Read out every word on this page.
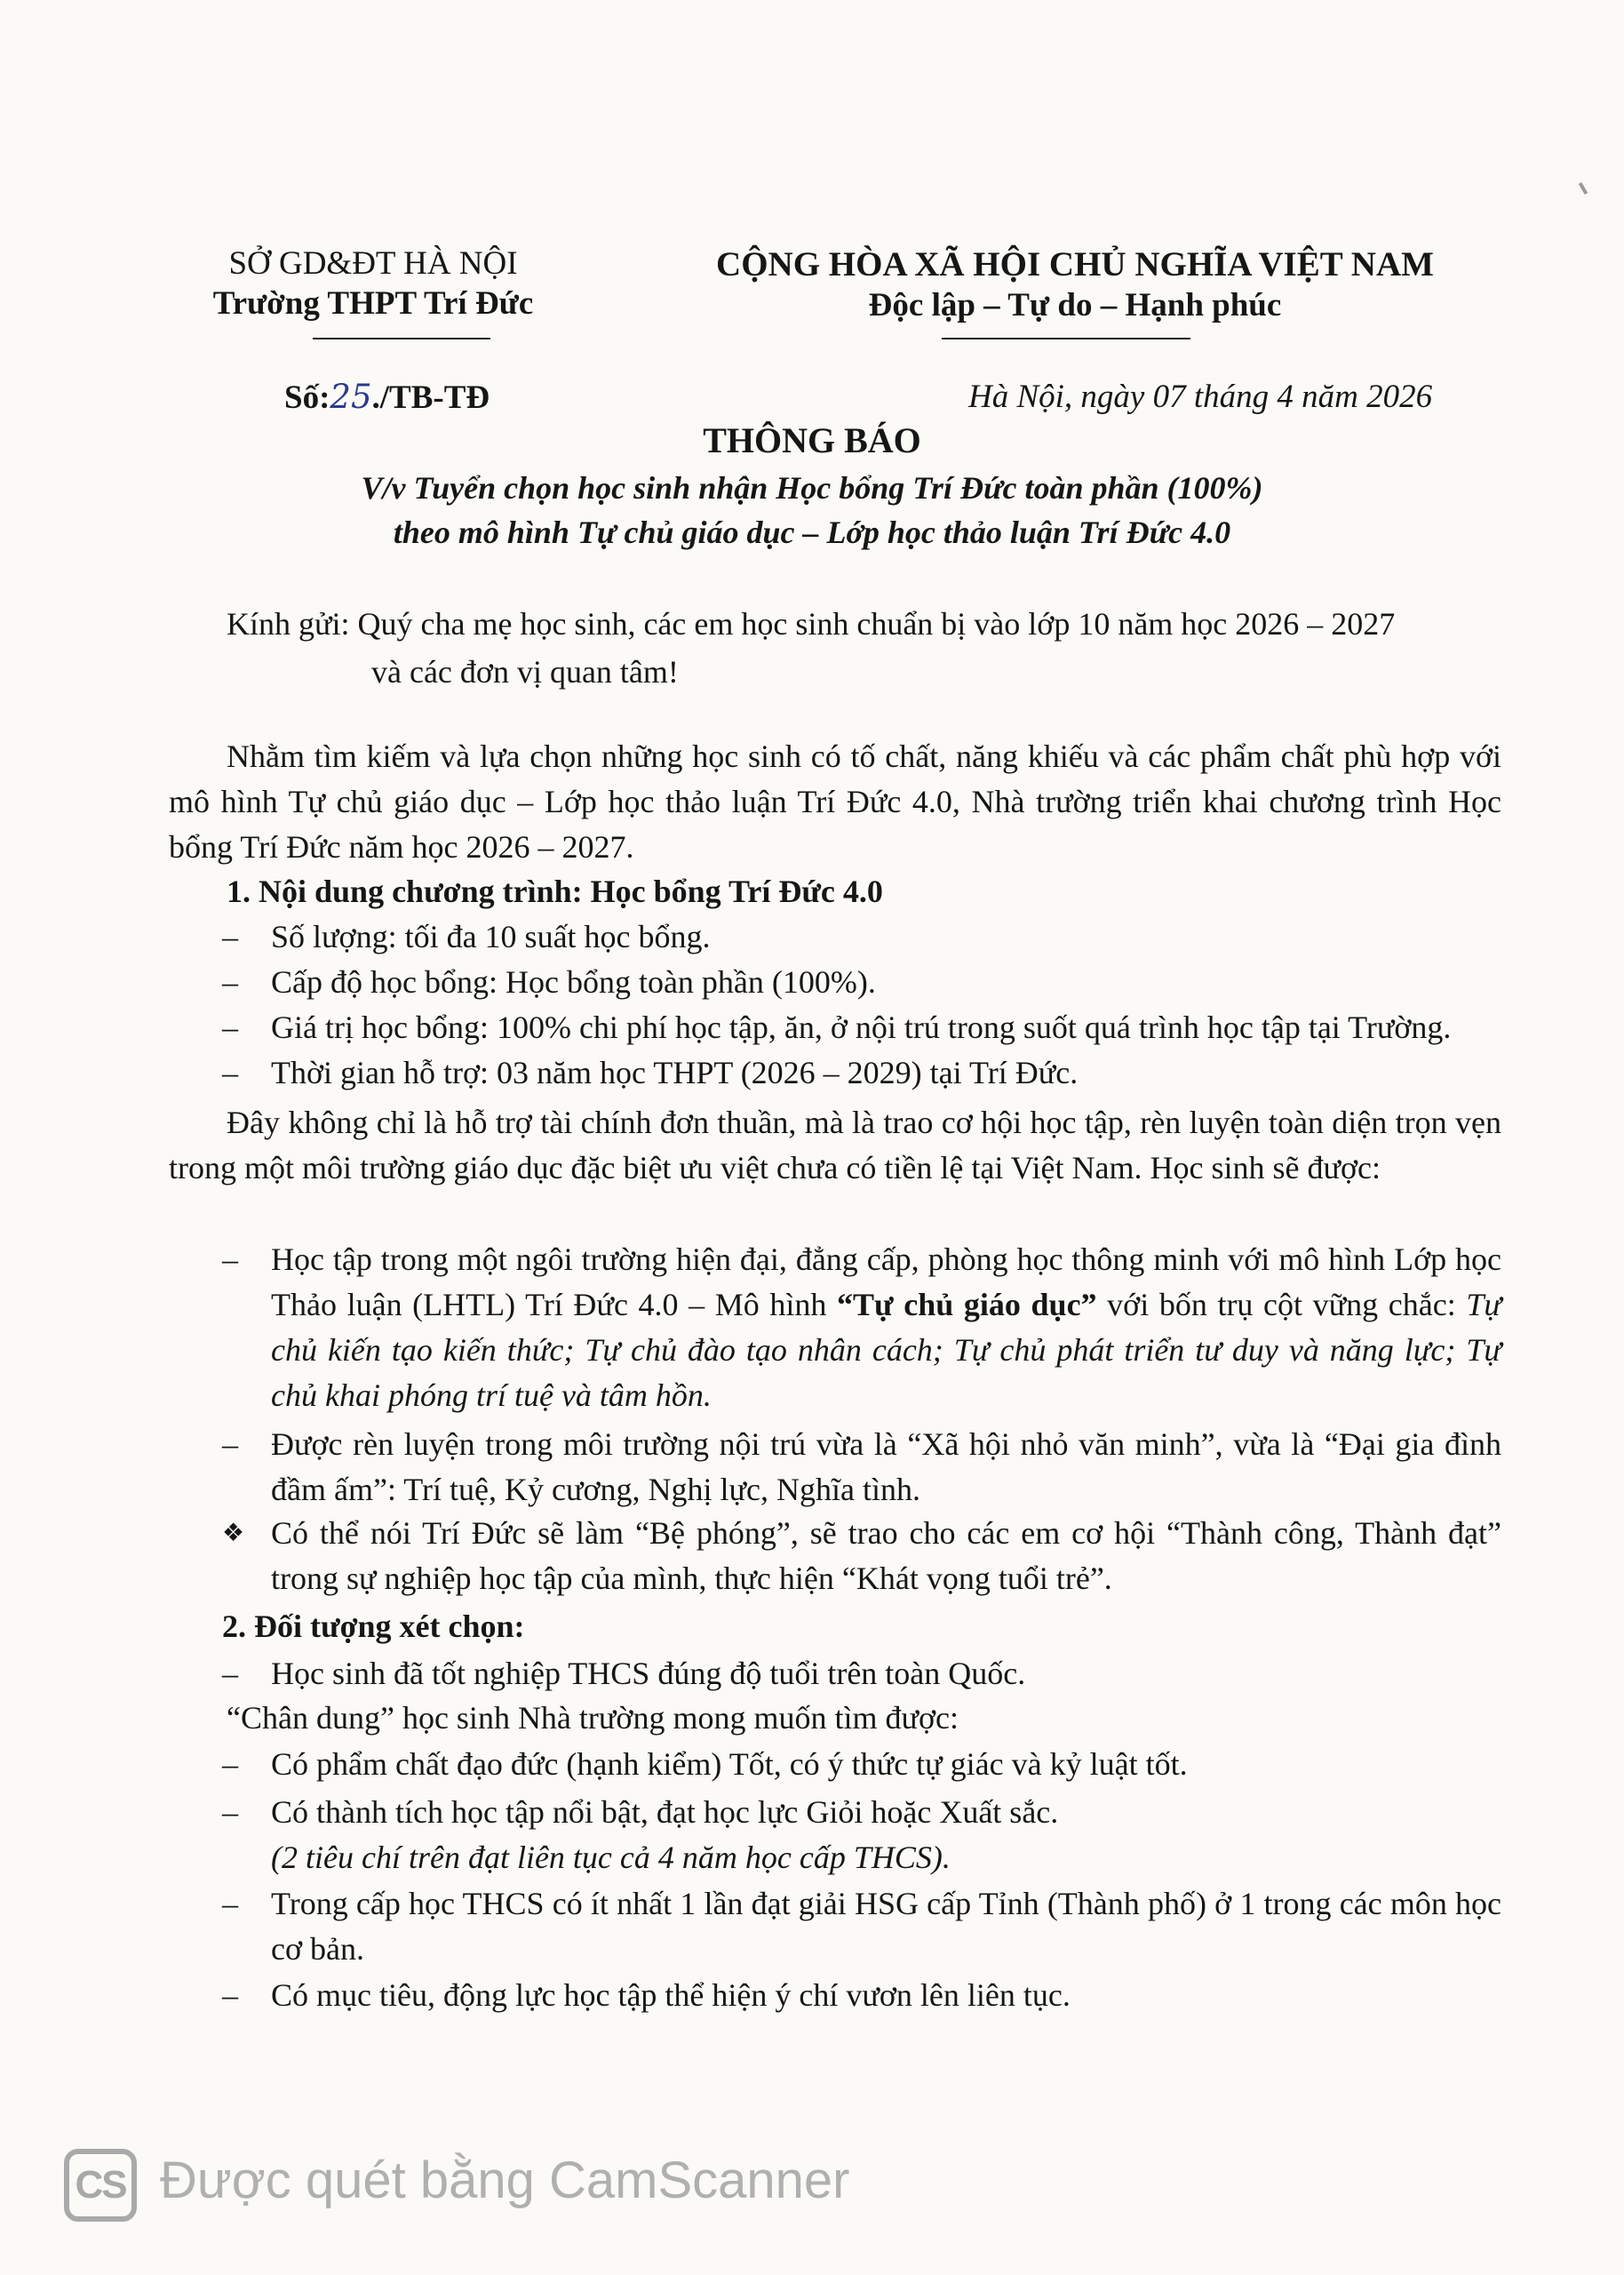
SỞ GD&ĐT HÀ NỘI
Trường THPT Trí Đức
CỘNG HÒA XÃ HỘI CHỦ NGHĨA VIỆT NAM
Độc lập – Tự do – Hạnh phúc
Số:25./TB-TĐ	Hà Nội, ngày 07 tháng 4 năm 2026
THÔNG BÁO
V/v Tuyển chọn học sinh nhận Học bổng Trí Đức toàn phần (100%)
theo mô hình Tự chủ giáo dục – Lớp học thảo luận Trí Đức 4.0
Kính gửi: Quý cha mẹ học sinh, các em học sinh chuẩn bị vào lớp 10 năm học 2026 – 2027
và các đơn vị quan tâm!
Nhằm tìm kiếm và lựa chọn những học sinh có tố chất, năng khiếu và các phẩm chất phù hợp với mô hình Tự chủ giáo dục – Lớp học thảo luận Trí Đức 4.0, Nhà trường triển khai chương trình Học bổng Trí Đức năm học 2026 – 2027.
1. Nội dung chương trình: Học bổng Trí Đức 4.0
– Số lượng: tối đa 10 suất học bổng.
– Cấp độ học bổng: Học bổng toàn phần (100%).
– Giá trị học bổng: 100% chi phí học tập, ăn, ở nội trú trong suốt quá trình học tập tại Trường.
– Thời gian hỗ trợ: 03 năm học THPT (2026 – 2029) tại Trí Đức.
Đây không chỉ là hỗ trợ tài chính đơn thuần, mà là trao cơ hội học tập, rèn luyện toàn diện trọn vẹn trong một môi trường giáo dục đặc biệt ưu việt chưa có tiền lệ tại Việt Nam. Học sinh sẽ được:
– Học tập trong một ngôi trường hiện đại, đẳng cấp, phòng học thông minh với mô hình Lớp học Thảo luận (LHTL) Trí Đức 4.0 – Mô hình “Tự chủ giáo dục” với bốn trụ cột vững chắc: Tự chủ kiến tạo kiến thức; Tự chủ đào tạo nhân cách; Tự chủ phát triển tư duy và năng lực; Tự chủ khai phóng trí tuệ và tâm hồn.
– Được rèn luyện trong môi trường nội trú vừa là “Xã hội nhỏ văn minh”, vừa là “Đại gia đình đầm ấm”: Trí tuệ, Kỷ cương, Nghị lực, Nghĩa tình.
❖ Có thể nói Trí Đức sẽ làm “Bệ phóng”, sẽ trao cho các em cơ hội “Thành công, Thành đạt” trong sự nghiệp học tập của mình, thực hiện “Khát vọng tuổi trẻ”.
2. Đối tượng xét chọn:
– Học sinh đã tốt nghiệp THCS đúng độ tuổi trên toàn Quốc.
“Chân dung” học sinh Nhà trường mong muốn tìm được:
– Có phẩm chất đạo đức (hạnh kiểm) Tốt, có ý thức tự giác và kỷ luật tốt.
– Có thành tích học tập nổi bật, đạt học lực Giỏi hoặc Xuất sắc.
(2 tiêu chí trên đạt liên tục cả 4 năm học cấp THCS).
– Trong cấp học THCS có ít nhất 1 lần đạt giải HSG cấp Tỉnh (Thành phố) ở 1 trong các môn học cơ bản.
– Có mục tiêu, động lực học tập thể hiện ý chí vươn lên liên tục.
CS Được quét bằng CamScanner
